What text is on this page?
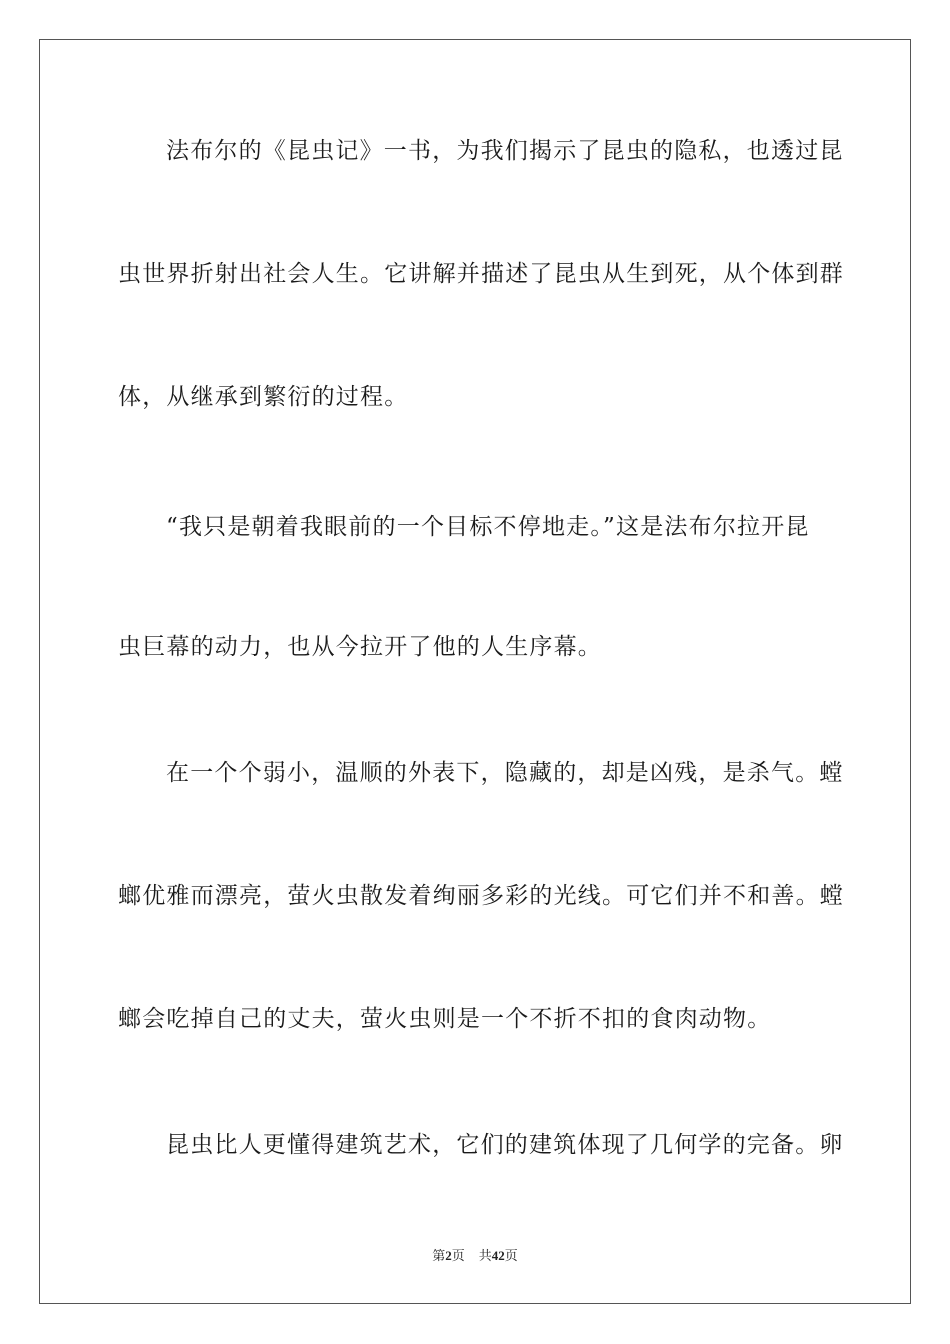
法布尔的《昆虫记》一书，为我们揭示了昆虫的隐私，也透过昆
虫世界折射出社会人生。它讲解并描述了昆虫从生到死，从个体到群
体，从继承到繁衍的过程。
“我只是朝着我眼前的一个目标不停地走。”这是法布尔拉开昆
虫巨幕的动力，也从今拉开了他的人生序幕。
在一个个弱小，温顺的外表下，隐藏的，却是凶残，是杀气。螳
螂优雅而漂亮，萤火虫散发着绚丽多彩的光线。可它们并不和善。螳
螂会吃掉自己的丈夫，萤火虫则是一个不折不扣的食肉动物。
昆虫比人更懂得建筑艺术，它们的建筑体现了几何学的完备。卵
第2页 共42页
